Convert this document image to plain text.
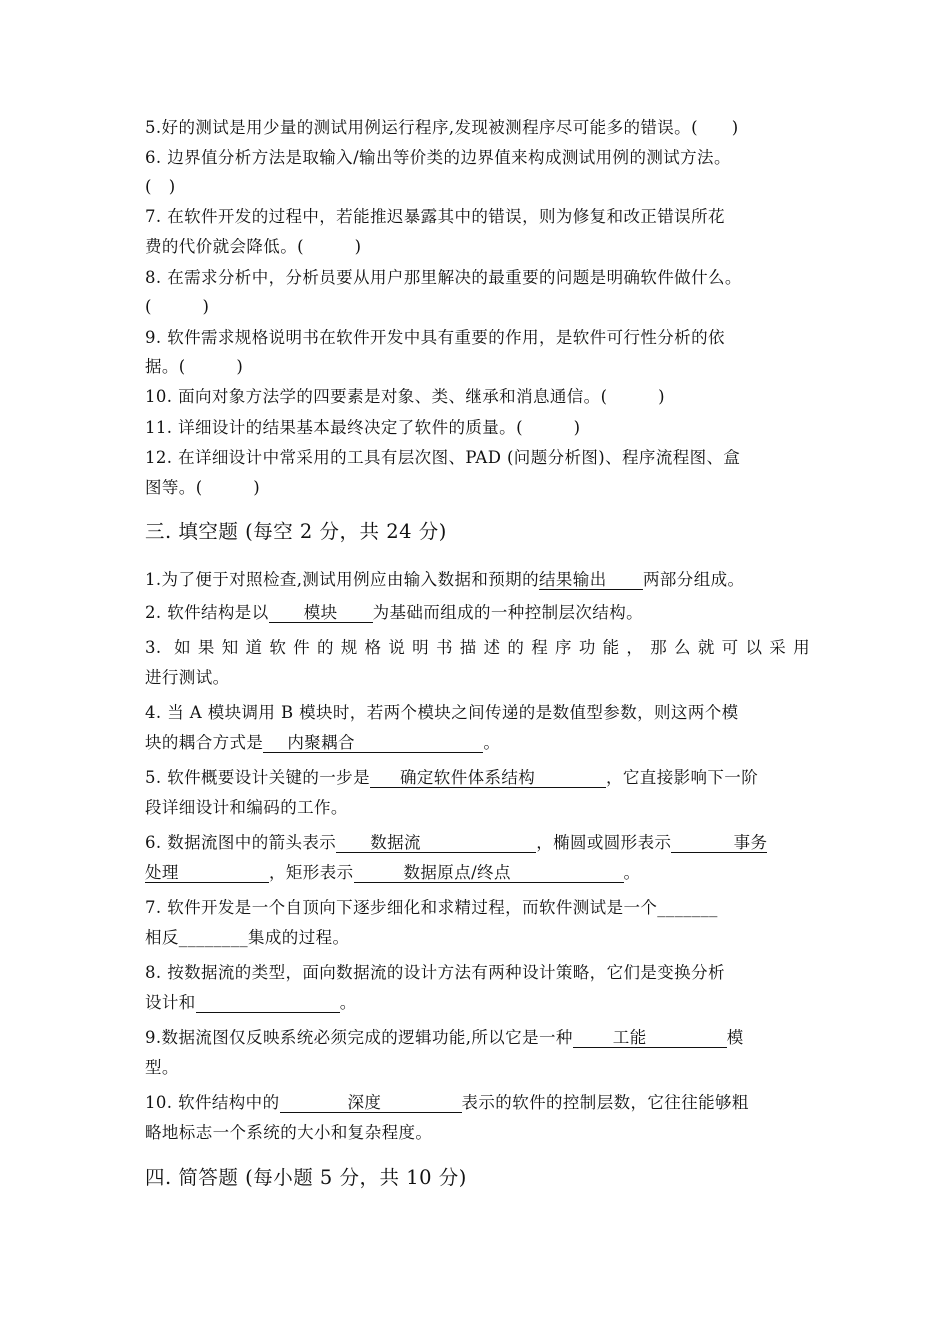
5.好的测试是用少量的测试用例运行程序,发现被测程序尽可能多的错误。(　　)
6. 边界值分析方法是取输入/输出等价类的边界值来构成测试用例的测试方法。
(　)
7. 在软件开发的过程中，若能推迟暴露其中的错误，则为修复和改正错误所花
费的代价就会降低。(　　　)
8. 在需求分析中，分析员要从用户那里解决的最重要的问题是明确软件做什么。
(　　　)
9. 软件需求规格说明书在软件开发中具有重要的作用，是软件可行性分析的依
据。(　　　)
10. 面向对象方法学的四要素是对象、类、继承和消息通信。(　　　)
11. 详细设计的结果基本最终决定了软件的质量。(　　　)
12. 在详细设计中常采用的工具有层次图、PAD (问题分析图)、程序流程图、盒
图等。(　　　)
三. 填空题 (每空 2 分，共 24 分)
1.为了便于对照检查,测试用例应由输入数据和预期的结果输出 两部分组成。
2. 软件结构是以 模块 为基础而组成的一种控制层次结构。
3. 如果知道软件的规格说明书描述的程序功能，那么就可以采用
进行测试。
4. 当 A 模块调用 B 模块时，若两个模块之间传递的是数值型参数，则这两个模
块的耦合方式是 内聚耦合	。
5. 软件概要设计关键的一步是 确定软件体系结构	，它直接影响下一阶
段详细设计和编码的工作。
6. 数据流图中的箭头表示 数据流	，椭圆或圆形表示	事务
处理	，矩形表示	数据原点/终点	。
7. 软件开发是一个自顶向下逐步细化和求精过程，而软件测试是一个_______
相反________集成的过程。
8. 按数据流的类型，面向数据流的设计方法有两种设计策略，它们是变换分析
设计和	。
9.数据流图仅反映系统必须完成的逻辑功能,所以它是一种 工能	模
型。
10. 软件结构中的	深度	表示的软件的控制层数，它往往能够粗
略地标志一个系统的大小和复杂程度。
四. 简答题 (每小题 5 分，共 10 分)
